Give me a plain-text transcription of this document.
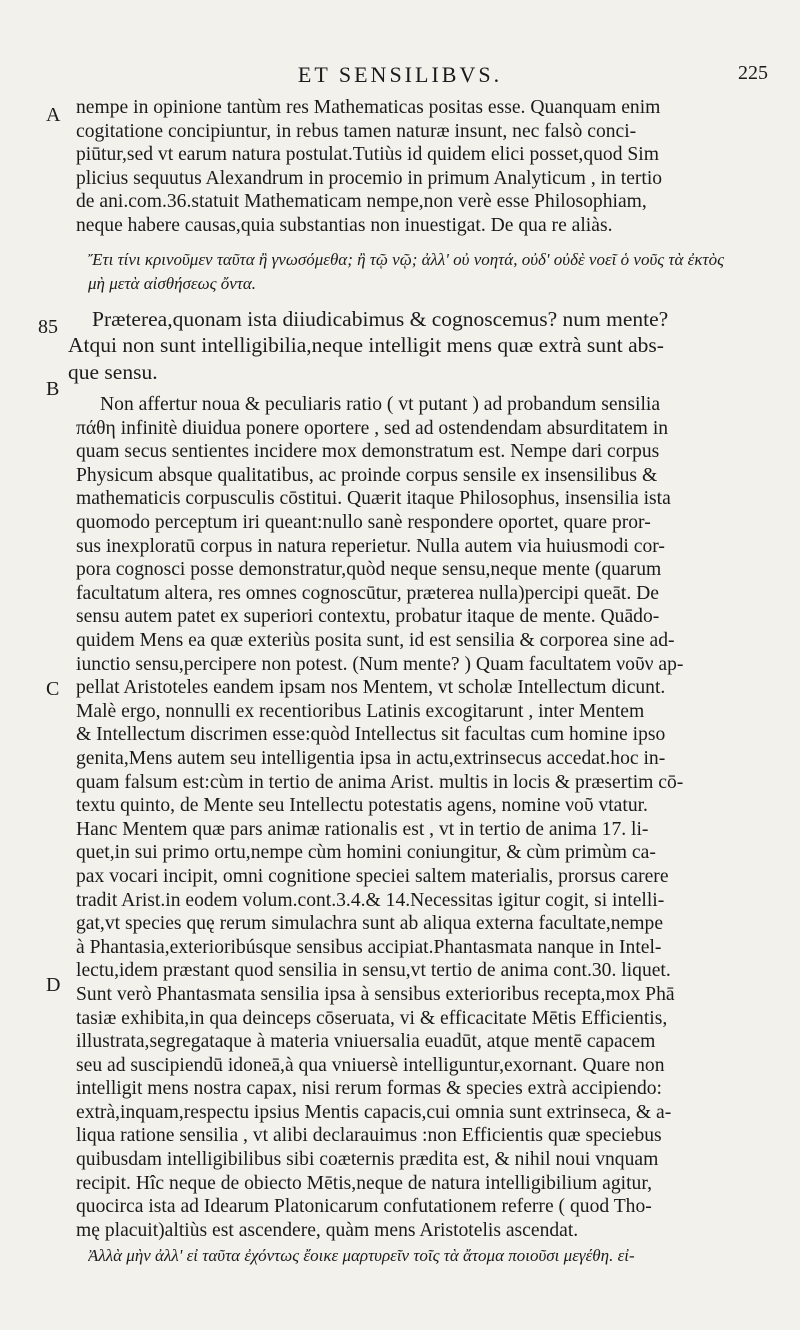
ET SENSILIBVS.	225
A
85
B
C
D
nempe in opinione tantùm res Mathematicas positas esse. Quanquam enim
cogitatione concipiuntur, in rebus tamen naturæ insunt, nec falsò conci-
piūtur,sed vt earum natura postulat.Tutiùs id quidem elici posset,quod Sim
plicius sequutus Alexandrum in procemio in primum Analyticum , in tertio
de ani.com.36.statuit Mathematicam nempe,non verè esse Philosophiam,
neque habere causas,quia substantias non inuestigat. De qua re aliàs.
Ἔτι τίνι κρινοῦμεν ταῦτα ἢ γνωσόμεθα; ἢ τῷ νῷ; ἀλλ' οὐ νοητά, οὐδ' οὐδὲ νοεῖ ὁ νοῦς τὰ ἐκτὸς
μὴ μετὰ αἰσθήσεως ὄντα.
Præterea,quonam ista diiudicabimus & cognoscemus? num mente?
Atqui non sunt intelligibilia,neque intelligit mens quæ extrà sunt abs-
que sensu.
Non affertur noua & peculiaris ratio ( vt putant ) ad probandum sensilia
πάθη infinitè diuidua ponere oportere , sed ad ostendendam absurditatem in
quam secus sentientes incidere mox demonstratum est. Nempe dari corpus
Physicum absque qualitatibus, ac proinde corpus sensile ex insensilibus &
mathematicis corpusculis cōstitui. Quærit itaque Philosophus, insensilia ista
quomodo perceptum iri queant:nullo sanè respondere oportet, quare pror-
sus inexploratū corpus in natura reperietur. Nulla autem via huiusmodi cor-
pora cognosci posse demonstratur,quòd neque sensu,neque mente (quarum
facultatum altera, res omnes cognoscūtur, præterea nulla)percipi queāt. De
sensu autem patet ex superiori contextu, probatur itaque de mente. Quādo-
quidem Mens ea quæ exteriùs posita sunt, id est sensilia & corporea sine ad-
iunctio sensu,percipere non potest. (Num mente? ) Quam facultatem νοῦν ap-
pellat Aristoteles eandem ipsam nos Mentem, vt scholæ Intellectum dicunt.
Malè ergo, nonnulli ex recentioribus Latinis excogitarunt , inter Mentem
& Intellectum discrimen esse:quòd Intellectus sit facultas cum homine ipso
genita,Mens autem seu intelligentia ipsa in actu,extrinsecus accedat.hoc in-
quam falsum est:cùm in tertio de anima Arist. multis in locis & præsertim cō-
textu quinto, de Mente seu Intellectu potestatis agens, nomine νοῦ vtatur.
Hanc Mentem quæ pars animæ rationalis est , vt in tertio de anima 17. li-
quet,in sui primo ortu,nempe cùm homini coniungitur, & cùm primùm ca-
pax vocari incipit, omni cognitione speciei saltem materialis, prorsus carere
tradit Arist.in eodem volum.cont.3.4.& 14.Necessitas igitur cogit, si intelli-
gat,vt species quę rerum simulachra sunt ab aliqua externa facultate,nempe
à Phantasia,exterioribúsque sensibus accipiat.Phantasmata nanque in Intel-
lectu,idem præstant quod sensilia in sensu,vt tertio de anima cont.30. liquet.
Sunt verò Phantasmata sensilia ipsa à sensibus exterioribus recepta,mox Phā
tasiæ exhibita,in qua deinceps cōseruata, vi & efficacitate Mētis Efficientis,
illustrata,segregataque à materia vniuersalia euadūt, atque mentē capacem
seu ad suscipiendū idoneā,à qua vniuersè intelliguntur,exornant. Quare non
intelligit mens nostra capax, nisi rerum formas & species extrà accipiendo:
extrà,inquam,respectu ipsius Mentis capacis,cui omnia sunt extrinseca, & a-
liqua ratione sensilia , vt alibi declarauimus :non Efficientis quæ speciebus
quibusdam intelligibilibus sibi coæternis prædita est, & nihil noui vnquam
recipit. Hîc neque de obiecto Mētis,neque de natura intelligibilium agitur,
quocirca ista ad Idearum Platonicarum confutationem referre ( quod Tho-
mę placuit)altiùs est ascendere, quàm mens Aristotelis ascendat.
Ἀλλὰ μὴν ἀλλ' εἰ ταῦτα ἐχόντως ἔοικε μαρτυρεῖν τοῖς τὰ ἄτομα ποιοῦσι μεγέθη. εἰ-
